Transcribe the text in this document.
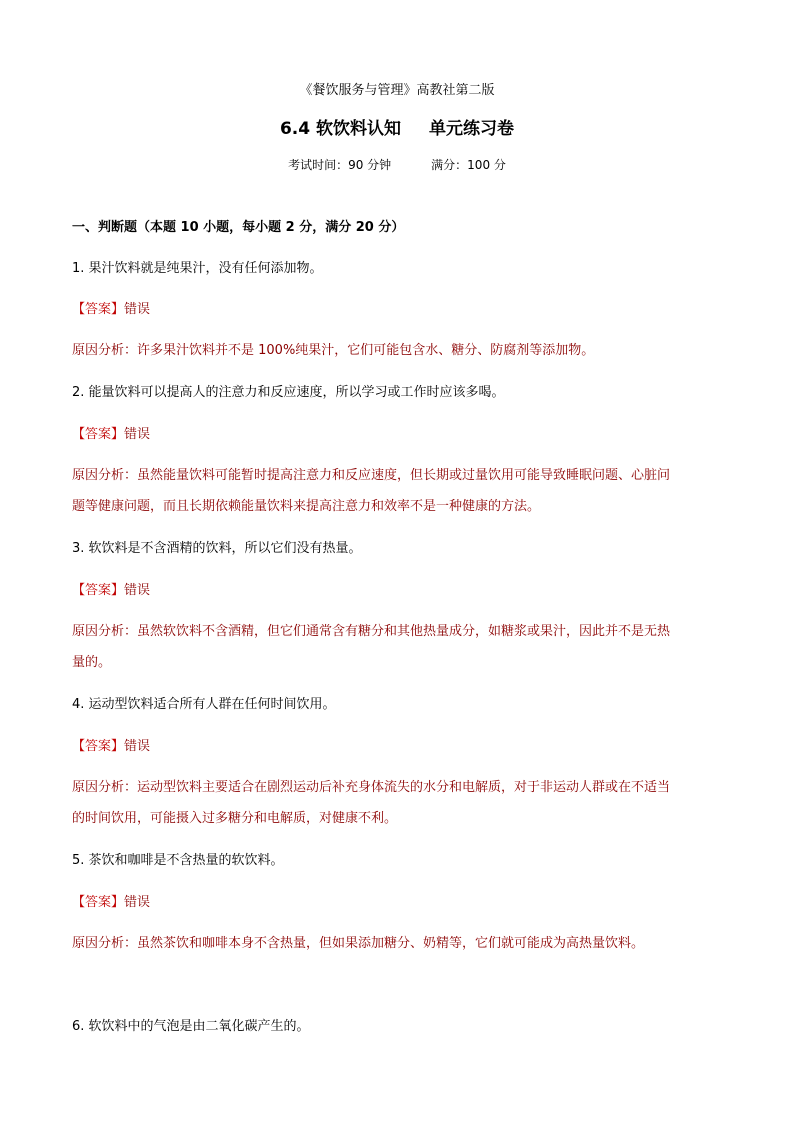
《餐饮服务与管理》高教社第二版
6.4 软饮料认知 单元练习卷
考试时间：90 分钟	满分：100 分
一、判断题（本题 10 小题，每小题 2 分，满分 20 分）
1. 果汁饮料就是纯果汁，没有任何添加物。
【答案】错误
原因分析：许多果汁饮料并不是 100%纯果汁，它们可能包含水、糖分、防腐剂等添加物。
2. 能量饮料可以提高人的注意力和反应速度，所以学习或工作时应该多喝。
【答案】错误
原因分析：虽然能量饮料可能暂时提高注意力和反应速度，但长期或过量饮用可能导致睡眠问题、心脏问
题等健康问题，而且长期依赖能量饮料来提高注意力和效率不是一种健康的方法。
3. 软饮料是不含酒精的饮料，所以它们没有热量。
【答案】错误
原因分析：虽然软饮料不含酒精，但它们通常含有糖分和其他热量成分，如糖浆或果汁，因此并不是无热
量的。
4. 运动型饮料适合所有人群在任何时间饮用。
【答案】错误
原因分析：运动型饮料主要适合在剧烈运动后补充身体流失的水分和电解质，对于非运动人群或在不适当
的时间饮用，可能摄入过多糖分和电解质，对健康不利。
5. 茶饮和咖啡是不含热量的软饮料。
【答案】错误
原因分析：虽然茶饮和咖啡本身不含热量，但如果添加糖分、奶精等，它们就可能成为高热量饮料。
6. 软饮料中的气泡是由二氧化碳产生的。
